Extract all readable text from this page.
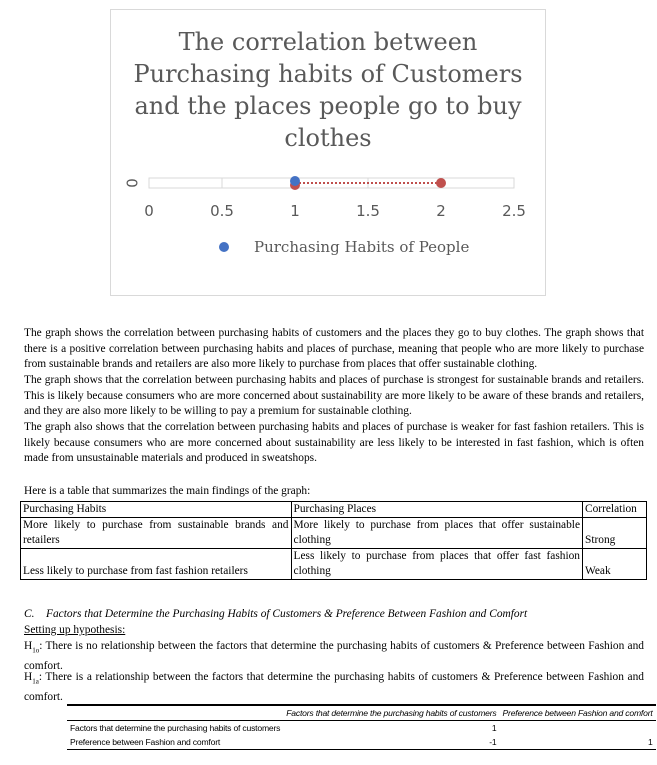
The correlation between Purchasing habits of Customers and the places people go to buy clothes
0	0.5	1	1.5	2	2.5
0
Purchasing Habits of People

The graph shows the correlation between purchasing habits of customers and the places they go to buy clothes. The graph shows that there is a positive correlation between purchasing habits and places of purchase, meaning that people who are more likely to purchase from sustainable brands and retailers are also more likely to purchase from places that offer sustainable clothing.

The graph shows that the correlation between purchasing habits and places of purchase is strongest for sustainable brands and retailers. This is likely because consumers who are more concerned about sustainability are more likely to be aware of these brands and retailers, and they are also more likely to be willing to pay a premium for sustainable clothing.

The graph also shows that the correlation between purchasing habits and places of purchase is weaker for fast fashion retailers. This is likely because consumers who are more concerned about sustainability are less likely to be interested in fast fashion, which is often made from unsustainable materials and produced in sweatshops.

Here is a table that summarizes the main findings of the graph:

Purchasing Habits	Purchasing Places	Correlation
More likely to purchase from sustainable brands and retailers	More likely to purchase from places that offer sustainable clothing	Strong
Less likely to purchase from fast fashion retailers	Less likely to purchase from places that offer fast fashion clothing	Weak

C. Factors that Determine the Purchasing Habits of Customers & Preference Between Fashion and Comfort

Setting up hypothesis:

$H_{1o}$: There is no relationship between the factors that determine the purchasing habits of customers & Preference between Fashion and comfort.

$H_{1a}$: There is a relationship between the factors that determine the purchasing habits of customers & Preference between Fashion and comfort.

	Factors that determine the purchasing habits of customers	Preference between Fashion and comfort
Factors that determine the purchasing habits of customers	1	
Preference between Fashion and comfort	-1	1
